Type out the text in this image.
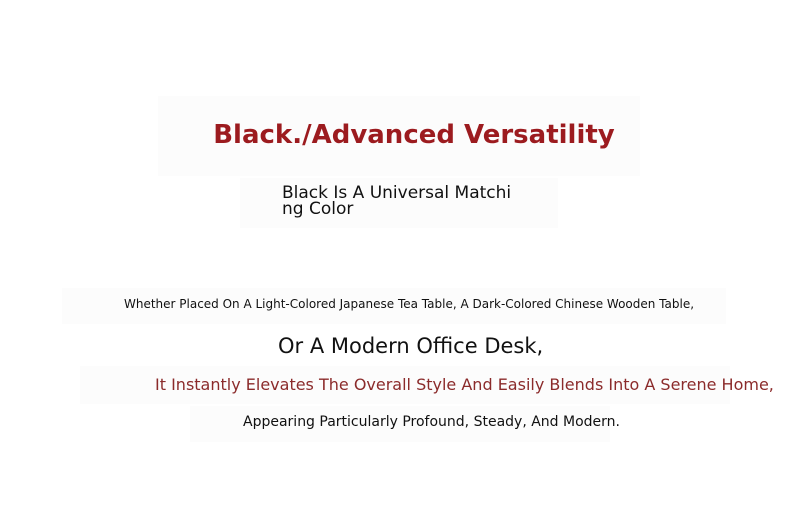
Black./Advanced Versatility

Black Is A Universal Matching Color

Whether Placed On A Light-Colored Japanese Tea Table, A Dark-Colored Chinese Wooden Table,

Or A Modern Office Desk,

It Instantly Elevates The Overall Style And Easily Blends Into A Serene Home,

Appearing Particularly Profound, Steady, And Modern.
